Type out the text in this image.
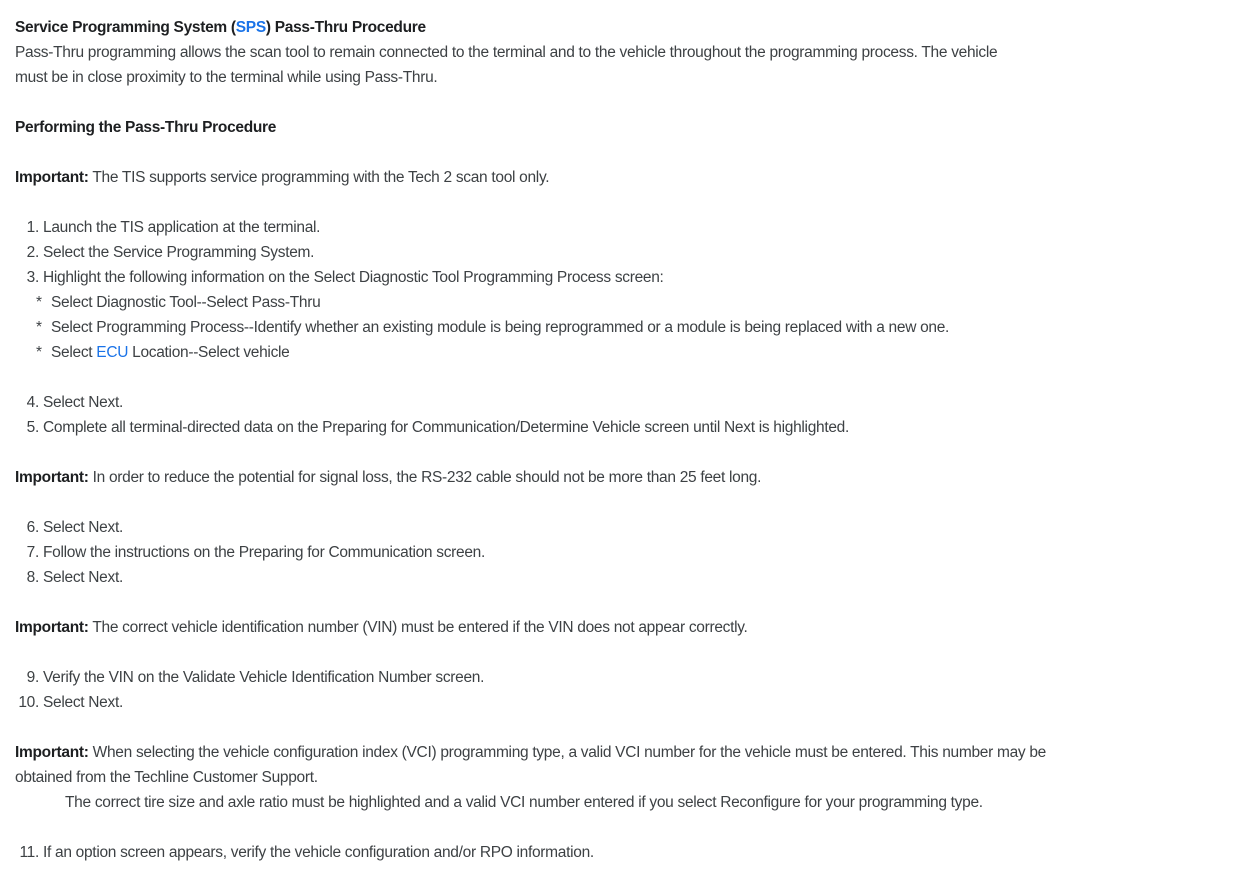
Service Programming System (SPS) Pass-Thru Procedure
Pass-Thru programming allows the scan tool to remain connected to the terminal and to the vehicle throughout the programming process. The vehicle
must be in close proximity to the terminal while using Pass-Thru.
Performing the Pass-Thru Procedure
Important: The TIS supports service programming with the Tech 2 scan tool only.
1. Launch the TIS application at the terminal.
2. Select the Service Programming System.
3. Highlight the following information on the Select Diagnostic Tool Programming Process screen:
* Select Diagnostic Tool--Select Pass-Thru
* Select Programming Process--Identify whether an existing module is being reprogrammed or a module is being replaced with a new one.
* Select ECU Location--Select vehicle
4. Select Next.
5. Complete all terminal-directed data on the Preparing for Communication/Determine Vehicle screen until Next is highlighted.
Important: In order to reduce the potential for signal loss, the RS-232 cable should not be more than 25 feet long.
6. Select Next.
7. Follow the instructions on the Preparing for Communication screen.
8. Select Next.
Important: The correct vehicle identification number (VIN) must be entered if the VIN does not appear correctly.
9. Verify the VIN on the Validate Vehicle Identification Number screen.
10. Select Next.
Important: When selecting the vehicle configuration index (VCI) programming type, a valid VCI number for the vehicle must be entered. This number may be
obtained from the Techline Customer Support.
The correct tire size and axle ratio must be highlighted and a valid VCI number entered if you select Reconfigure for your programming type.
11. If an option screen appears, verify the vehicle configuration and/or RPO information.
